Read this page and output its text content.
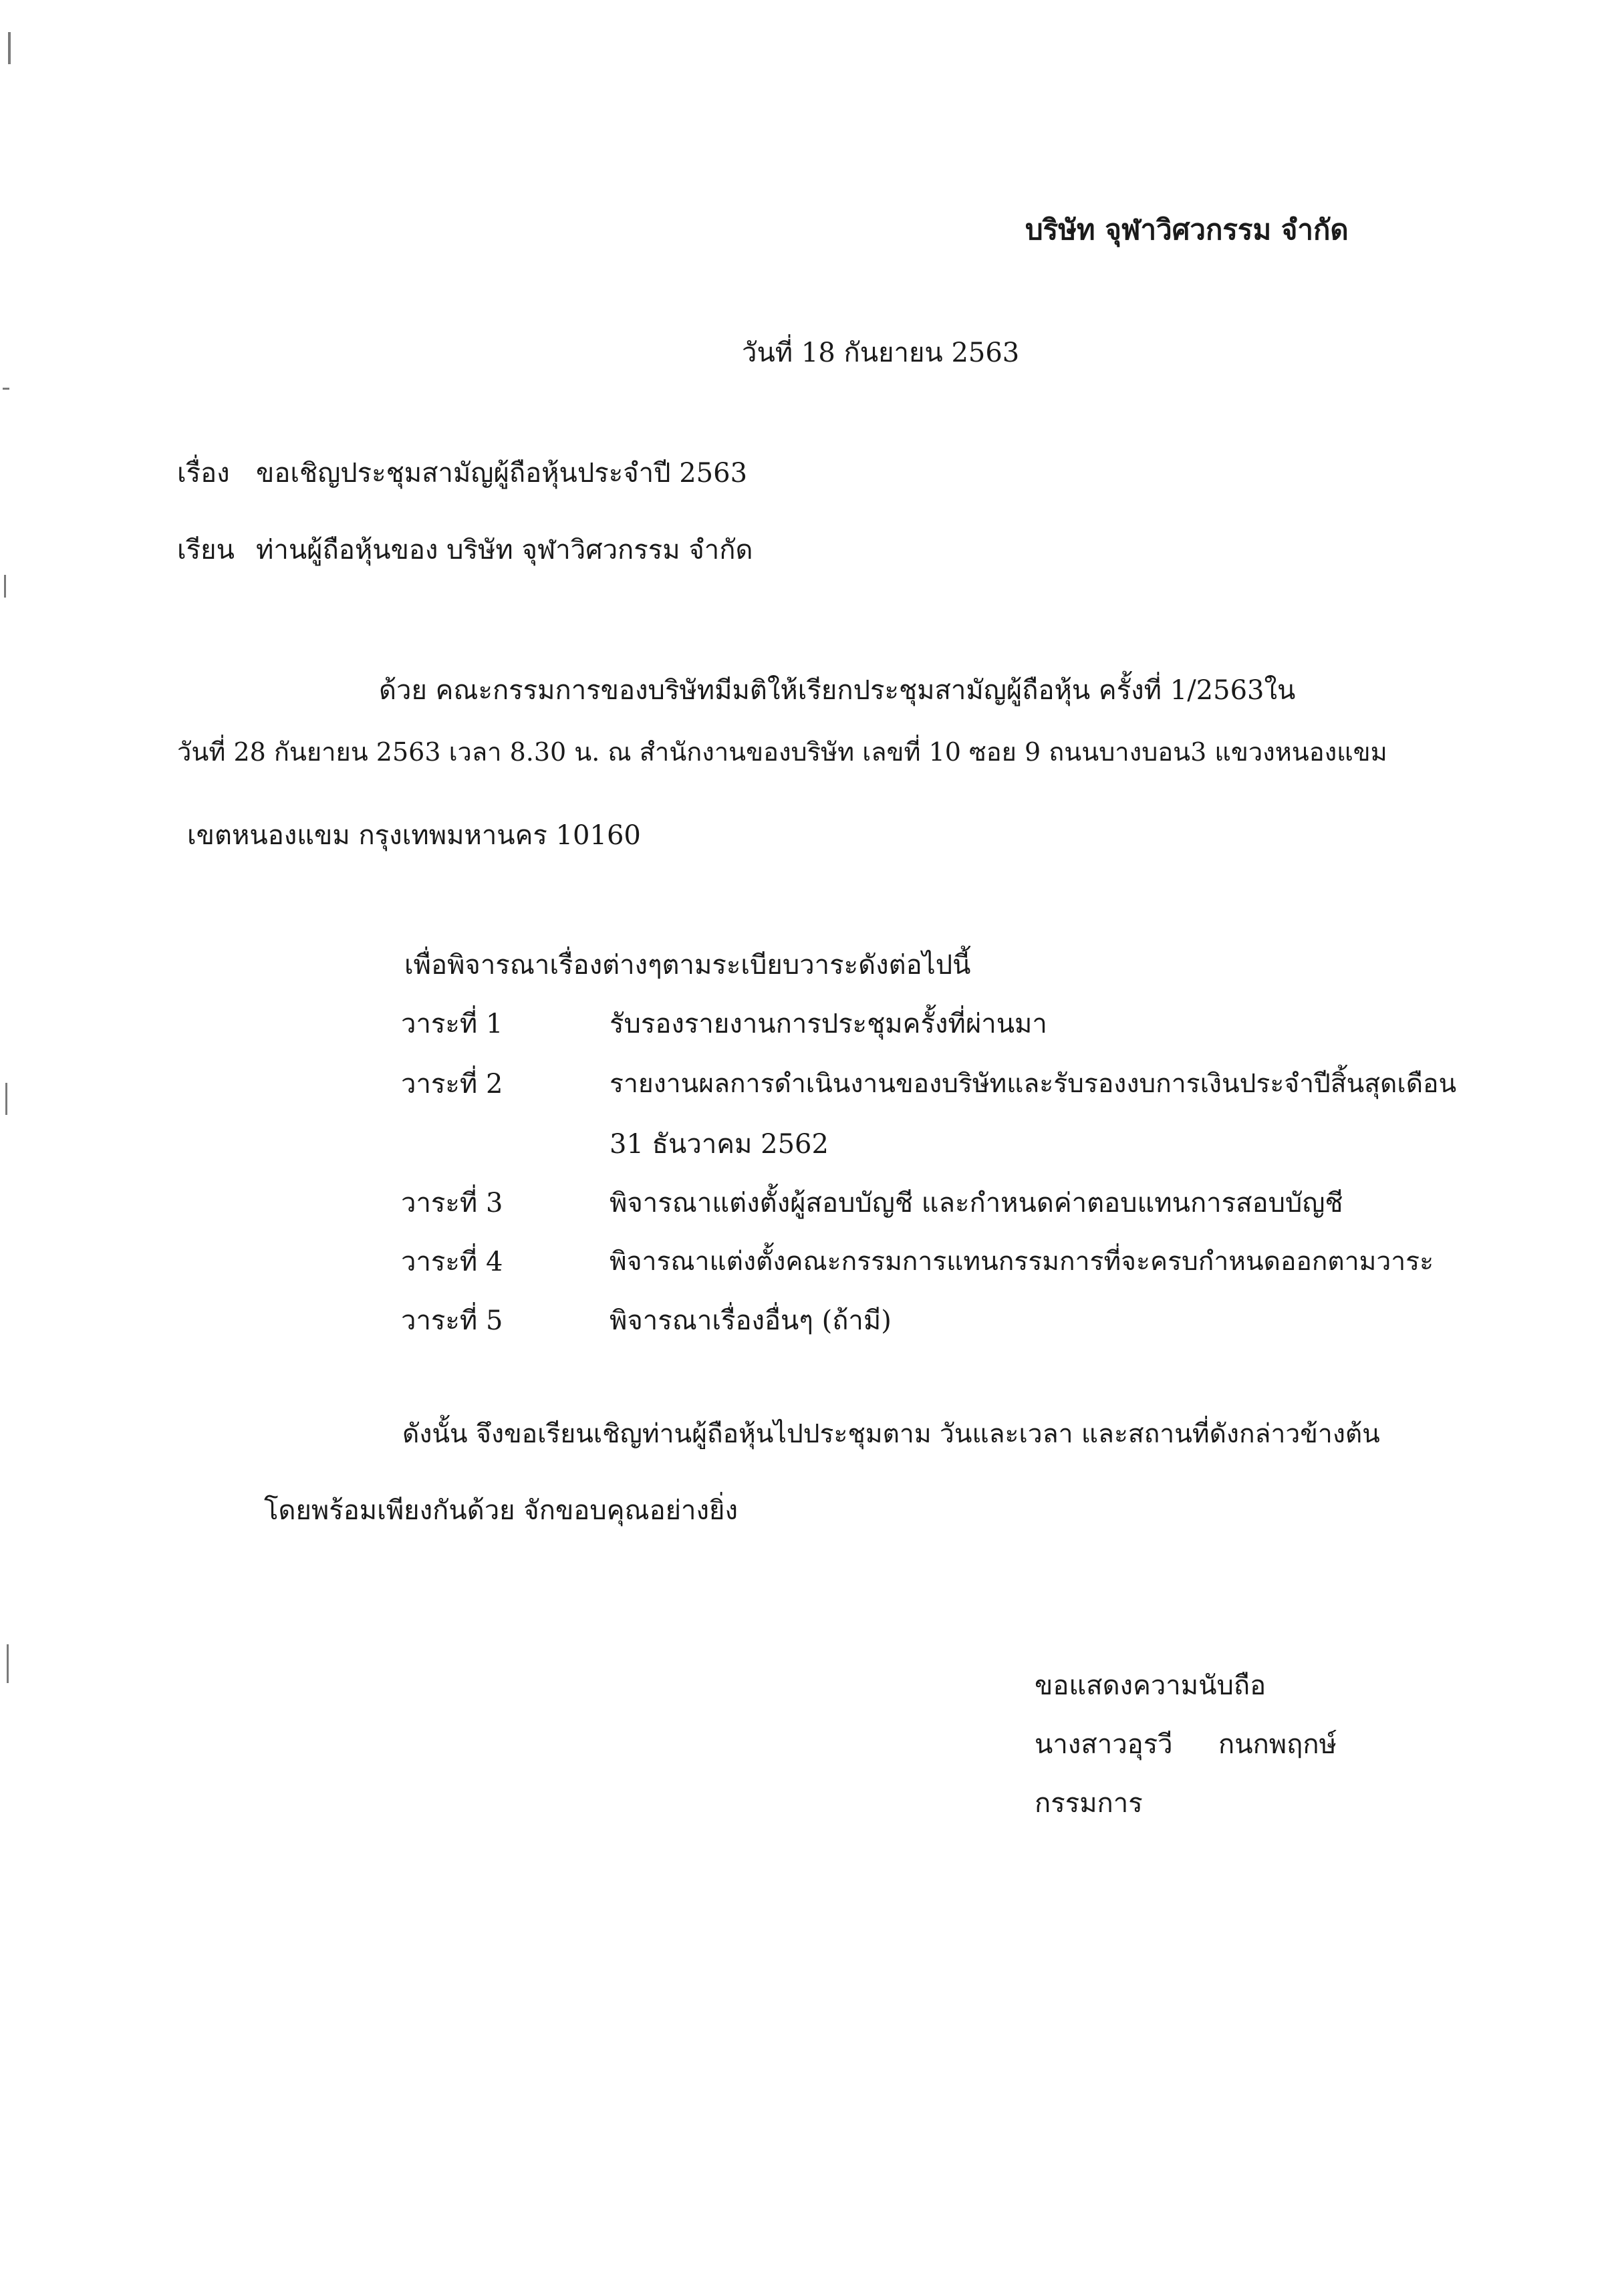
บริษัท จุฬาวิศวกรรม จำกัด
วันที่ 18 กันยายน 2563
เรื่อง ขอเชิญประชุมสามัญผู้ถือหุ้นประจำปี 2563
เรียน ท่านผู้ถือหุ้นของ บริษัท จุฬาวิศวกรรม จำกัด
ด้วย คณะกรรมการของบริษัทมีมติให้เรียกประชุมสามัญผู้ถือหุ้น ครั้งที่ 1/2563ใน
วันที่ 28 กันยายน 2563 เวลา 8.30 น. ณ สำนักงานของบริษัท เลขที่ 10 ซอย 9 ถนนบางบอน3 แขวงหนองแขม
เขตหนองแขม กรุงเทพมหานคร 10160
เพื่อพิจารณาเรื่องต่างๆตามระเบียบวาระดังต่อไปนี้
วาระที่ 1	รับรองรายงานการประชุมครั้งที่ผ่านมา
วาระที่ 2	รายงานผลการดำเนินงานของบริษัทและรับรองงบการเงินประจำปีสิ้นสุดเดือน
31 ธันวาคม 2562
วาระที่ 3	พิจารณาแต่งตั้งผู้สอบบัญชี และกำหนดค่าตอบแทนการสอบบัญชี
วาระที่ 4	พิจารณาแต่งตั้งคณะกรรมการแทนกรรมการที่จะครบกำหนดออกตามวาระ
วาระที่ 5	พิจารณาเรื่องอื่นๆ (ถ้ามี)
ดังนั้น จึงขอเรียนเชิญท่านผู้ถือหุ้นไปประชุมตาม วันและเวลา และสถานที่ดังกล่าวข้างต้น
โดยพร้อมเพียงกันด้วย จักขอบคุณอย่างยิ่ง
ขอแสดงความนับถือ
นางสาวอุรวี กนกพฤกษ์
กรรมการ
